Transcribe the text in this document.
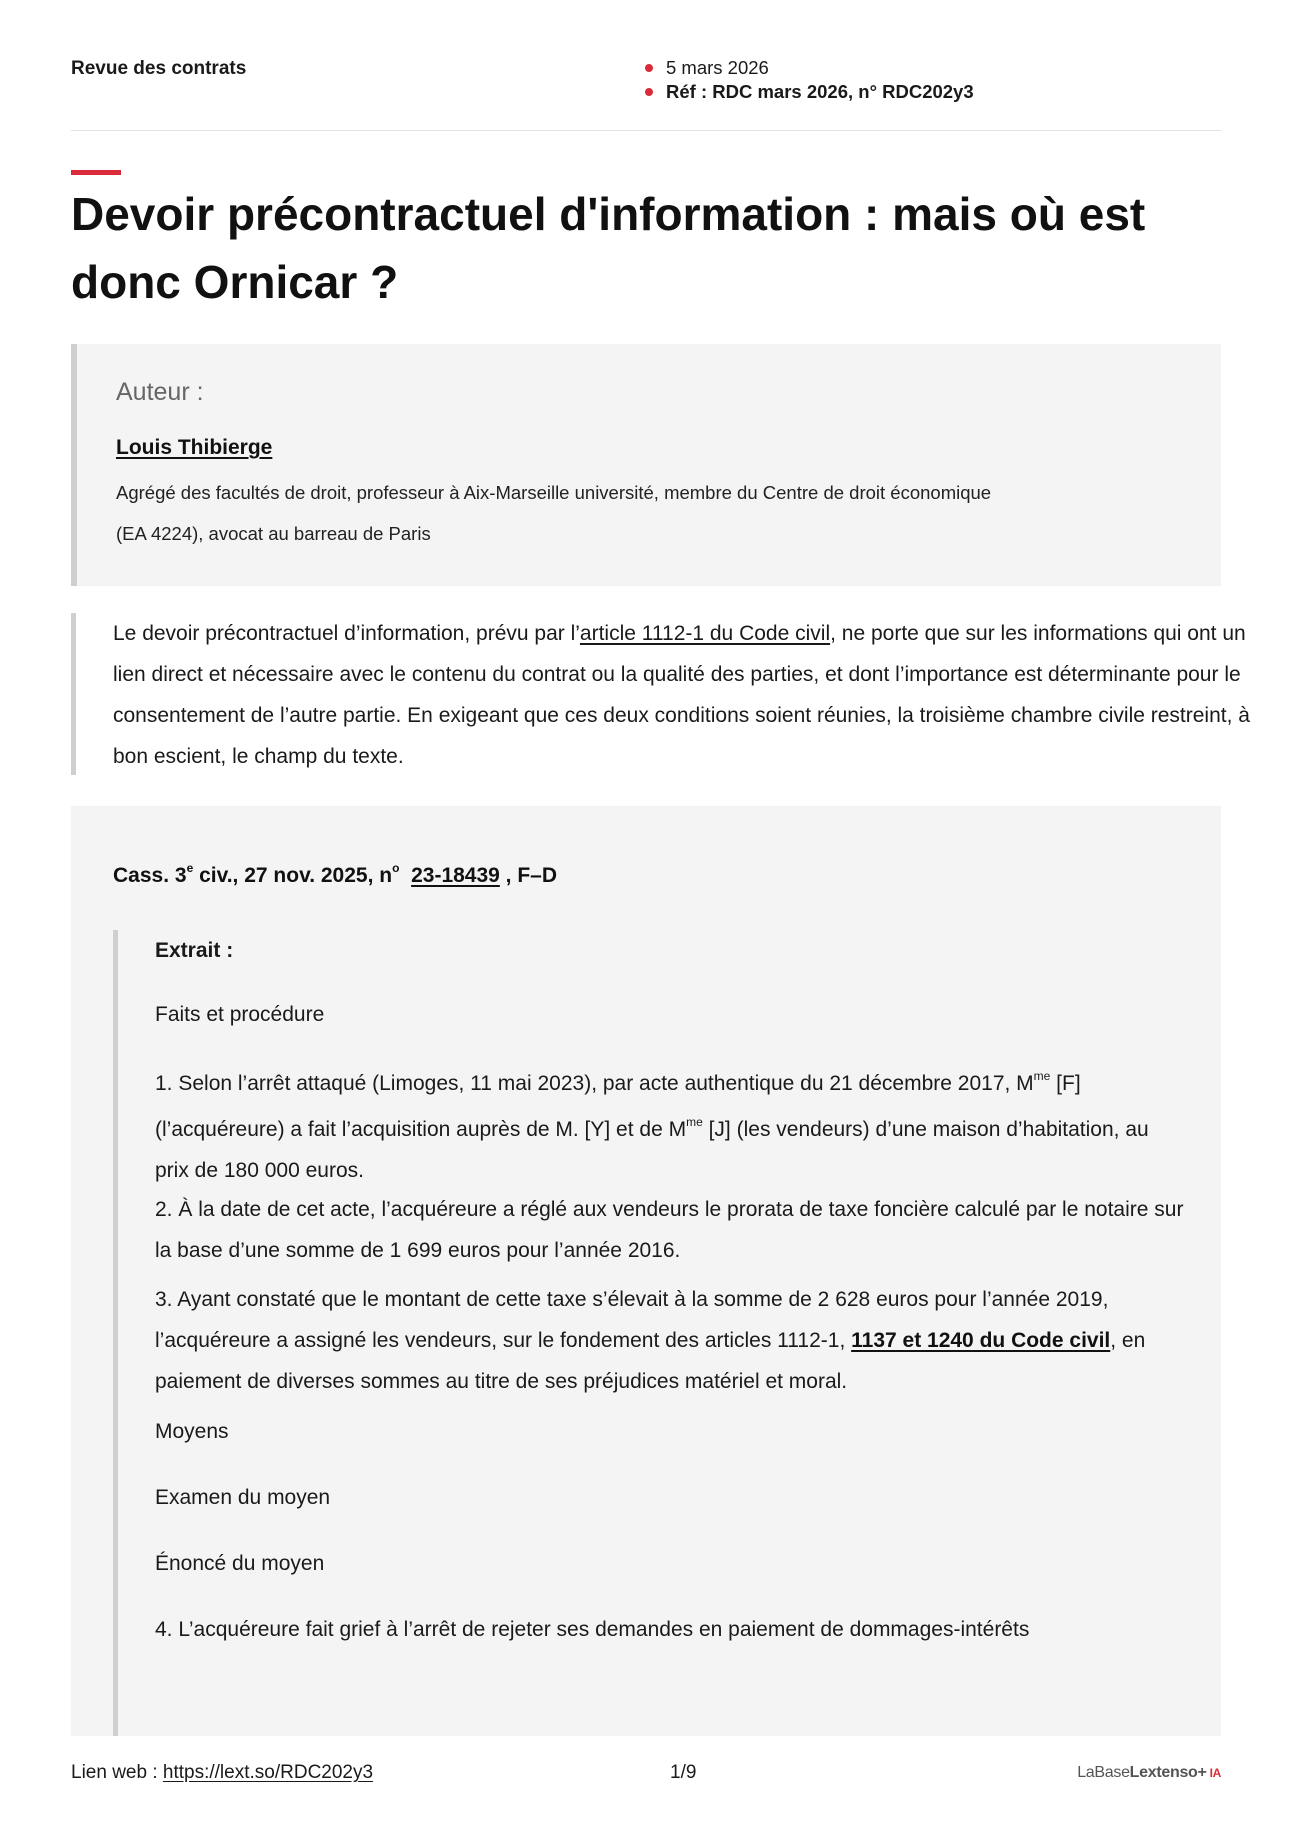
Revue des contrats	5 mars 2026
Réf : RDC mars 2026, n° RDC202y3
Devoir précontractuel d'information : mais où est donc Ornicar ?
Auteur :
Louis Thibierge
Agrégé des facultés de droit, professeur à Aix-Marseille université, membre du Centre de droit économique (EA 4224), avocat au barreau de Paris

Le devoir précontractuel d’information, prévu par l’article 1112-1 du Code civil, ne porte que sur les informations qui ont un lien direct et nécessaire avec le contenu du contrat ou la qualité des parties, et dont l’importance est déterminante pour le consentement de l’autre partie. En exigeant que ces deux conditions soient réunies, la troisième chambre civile restreint, à bon escient, le champ du texte.

Cass. 3e civ., 27 nov. 2025, $n^o$ 23-18439 , F–D

Extrait :

Faits et procédure

1. Selon l’arrêt attaqué (Limoges, 11 mai 2023), par acte authentique du 21 décembre 2017, $M^{me}$ [F] (l’acquéreure) a fait l’acquisition auprès de M. [Y] et de $M^{me}$ [J] (les vendeurs) d’une maison d’habitation, au prix de 180 000 euros.

2. À la date de cet acte, l’acquéreure a réglé aux vendeurs le prorata de taxe foncière calculé par le notaire sur la base d’une somme de 1 699 euros pour l’année 2016.

3. Ayant constaté que le montant de cette taxe s’élevait à la somme de 2 628 euros pour l’année 2019, l’acquéreure a assigné les vendeurs, sur le fondement des articles 1112-1, 1137 et 1240 du Code civil, en paiement de diverses sommes au titre de ses préjudices matériel et moral.

Moyens

Examen du moyen

Énoncé du moyen

4. L’acquéreure fait grief à l’arrêt de rejeter ses demandes en paiement de dommages-intérêts

Lien web : https://lext.so/RDC202y3	1/9	LaBaseLextenso+ IA
